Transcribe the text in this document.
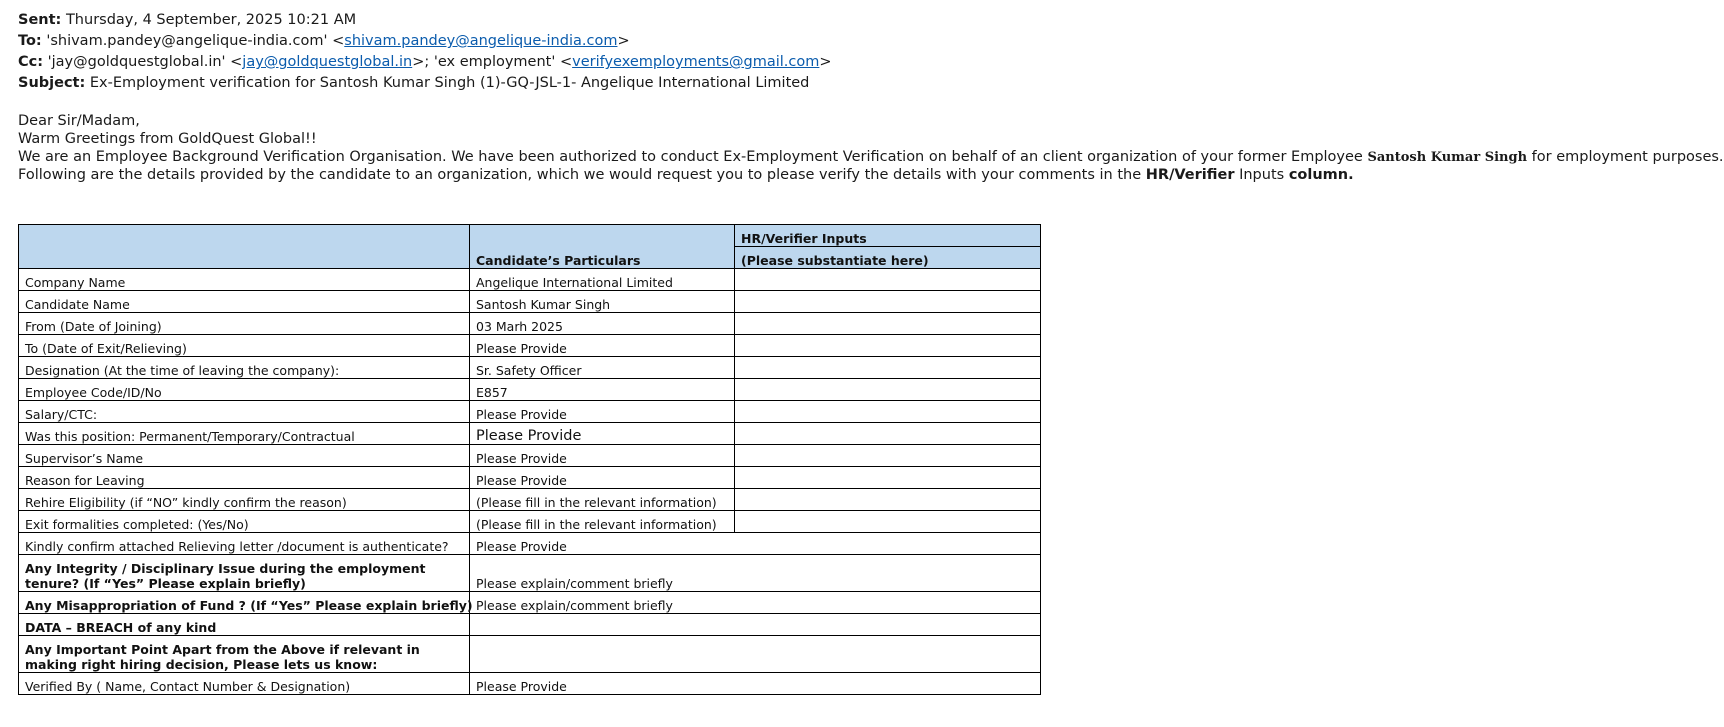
Sent: Thursday, 4 September, 2025 10:21 AM
To: 'shivam.pandey@angelique-india.com' <shivam.pandey@angelique-india.com>
Cc: 'jay@goldquestglobal.in' <jay@goldquestglobal.in>; 'ex employment' <verifyexemployments@gmail.com>
Subject: Ex-Employment verification for Santosh Kumar Singh (1)-GQ-JSL-1- Angelique International Limited
Dear Sir/Madam,
Warm Greetings from GoldQuest Global!!
We are an Employee Background Verification Organisation. We have been authorized to conduct Ex-Employment Verification on behalf of an client organization of your former Employee Santosh Kumar Singh for employment purposes.
Following are the details provided by the candidate to an organization, which we would request you to please verify the details with your comments in the HR/Verifier Inputs column.
	Candidate’s Particulars	HR/Verifier Inputs
		(Please substantiate here)
Company Name	Angelique International Limited	
Candidate Name	Santosh Kumar Singh	
From (Date of Joining)	03 Marh 2025	
To (Date of Exit/Relieving)	Please Provide	
Designation (At the time of leaving the company):	Sr. Safety Officer	
Employee Code/ID/No	E857	
Salary/CTC:	Please Provide	
Was this position: Permanent/Temporary/Contractual	Please Provide	
Supervisor’s Name	Please Provide	
Reason for Leaving	Please Provide	
Rehire Eligibility (if “NO” kindly confirm the reason)	(Please fill in the relevant information)	
Exit formalities completed: (Yes/No)	(Please fill in the relevant information)	
Kindly confirm attached Relieving letter /document is authenticate?	Please Provide	
Any Integrity / Disciplinary Issue during the employment tenure? (If “Yes” Please explain briefly)	Please explain/comment briefly	
Any Misappropriation of Fund ? (If “Yes” Please explain briefly)	Please explain/comment briefly	
DATA – BREACH of any kind		
Any Important Point Apart from the Above if relevant in making right hiring decision, Please lets us know:		
Verified By ( Name, Contact Number & Designation)	Please Provide	
